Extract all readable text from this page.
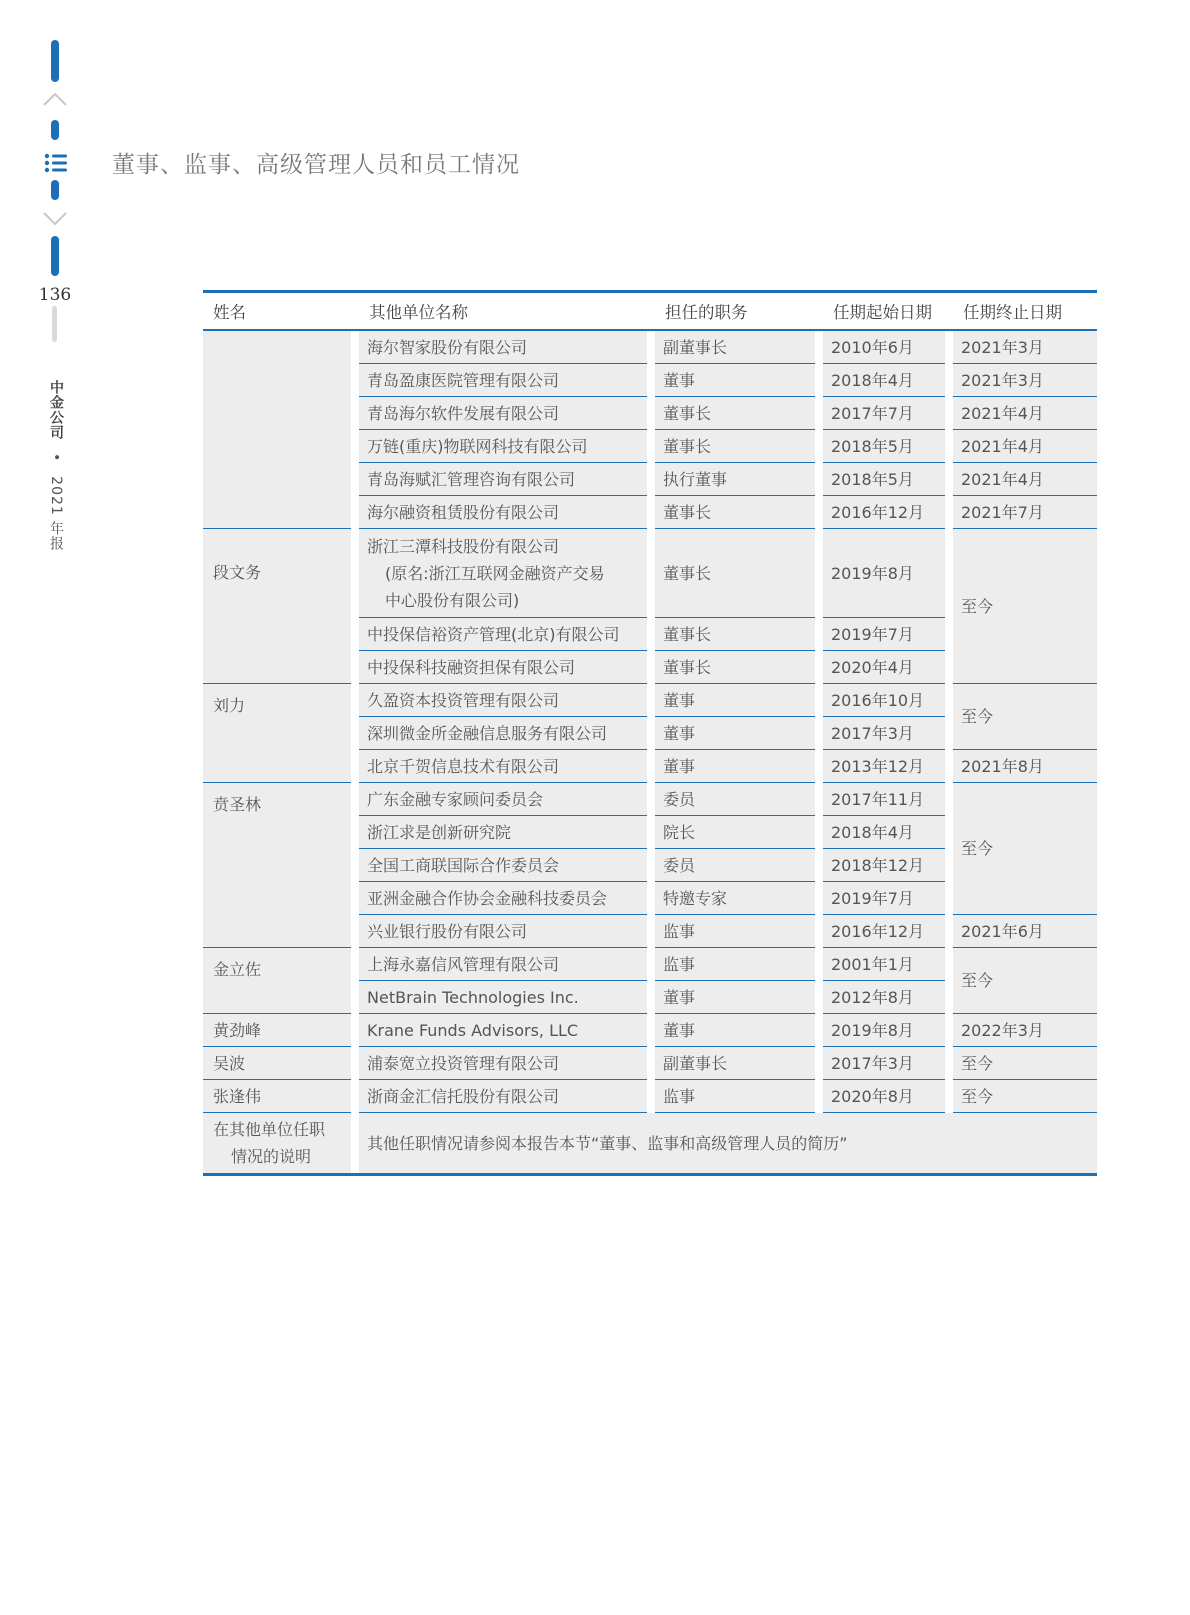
136
中金公司 • 2021 年报
董事、监事、高级管理人员和员工情况
姓名		其他单位名称		担任的职务		任期起始日期		任期终止日期
		海尔智家股份有限公司		副董事长		2010年6月		2021年3月
		青岛盈康医院管理有限公司		董事		2018年4月		2021年3月
		青岛海尔软件发展有限公司		董事长		2017年7月		2021年4月
		万链(重庆)物联网科技有限公司		董事长		2018年5月		2021年4月
		青岛海赋汇管理咨询有限公司		执行董事		2018年5月		2021年4月
		海尔融资租赁股份有限公司		董事长		2016年12月		2021年7月
段文务		浙江三潭科技股份有限公司
(原名:浙江互联网金融资产交易
中心股份有限公司)		董事长		2019年8月		至今
		中投保信裕资产管理(北京)有限公司		董事长		2019年7月		
		中投保科技融资担保有限公司		董事长		2020年4月		
刘力		久盈资本投资管理有限公司		董事		2016年10月		至今
		深圳微金所金融信息服务有限公司		董事		2017年3月		
		北京千贺信息技术有限公司		董事		2013年12月		2021年8月
贲圣林		广东金融专家顾问委员会		委员		2017年11月		至今
		浙江求是创新研究院		院长		2018年4月		
		全国工商联国际合作委员会		委员		2018年12月		
		亚洲金融合作协会金融科技委员会		特邀专家		2019年7月		
		兴业银行股份有限公司		监事		2016年12月		2021年6月
金立佐		上海永嘉信风管理有限公司		监事		2001年1月		至今
		NetBrain Technologies Inc.		董事		2012年8月		
黄劲峰		Krane Funds Advisors, LLC		董事		2019年8月		2022年3月
吴波		浦泰宽立投资管理有限公司		副董事长		2017年3月		至今
张逢伟		浙商金汇信托股份有限公司		监事		2020年8月		至今
在其他单位任职
情况的说明		其他任职情况请参阅本报告本节“董事、监事和高级管理人员的简历”						
